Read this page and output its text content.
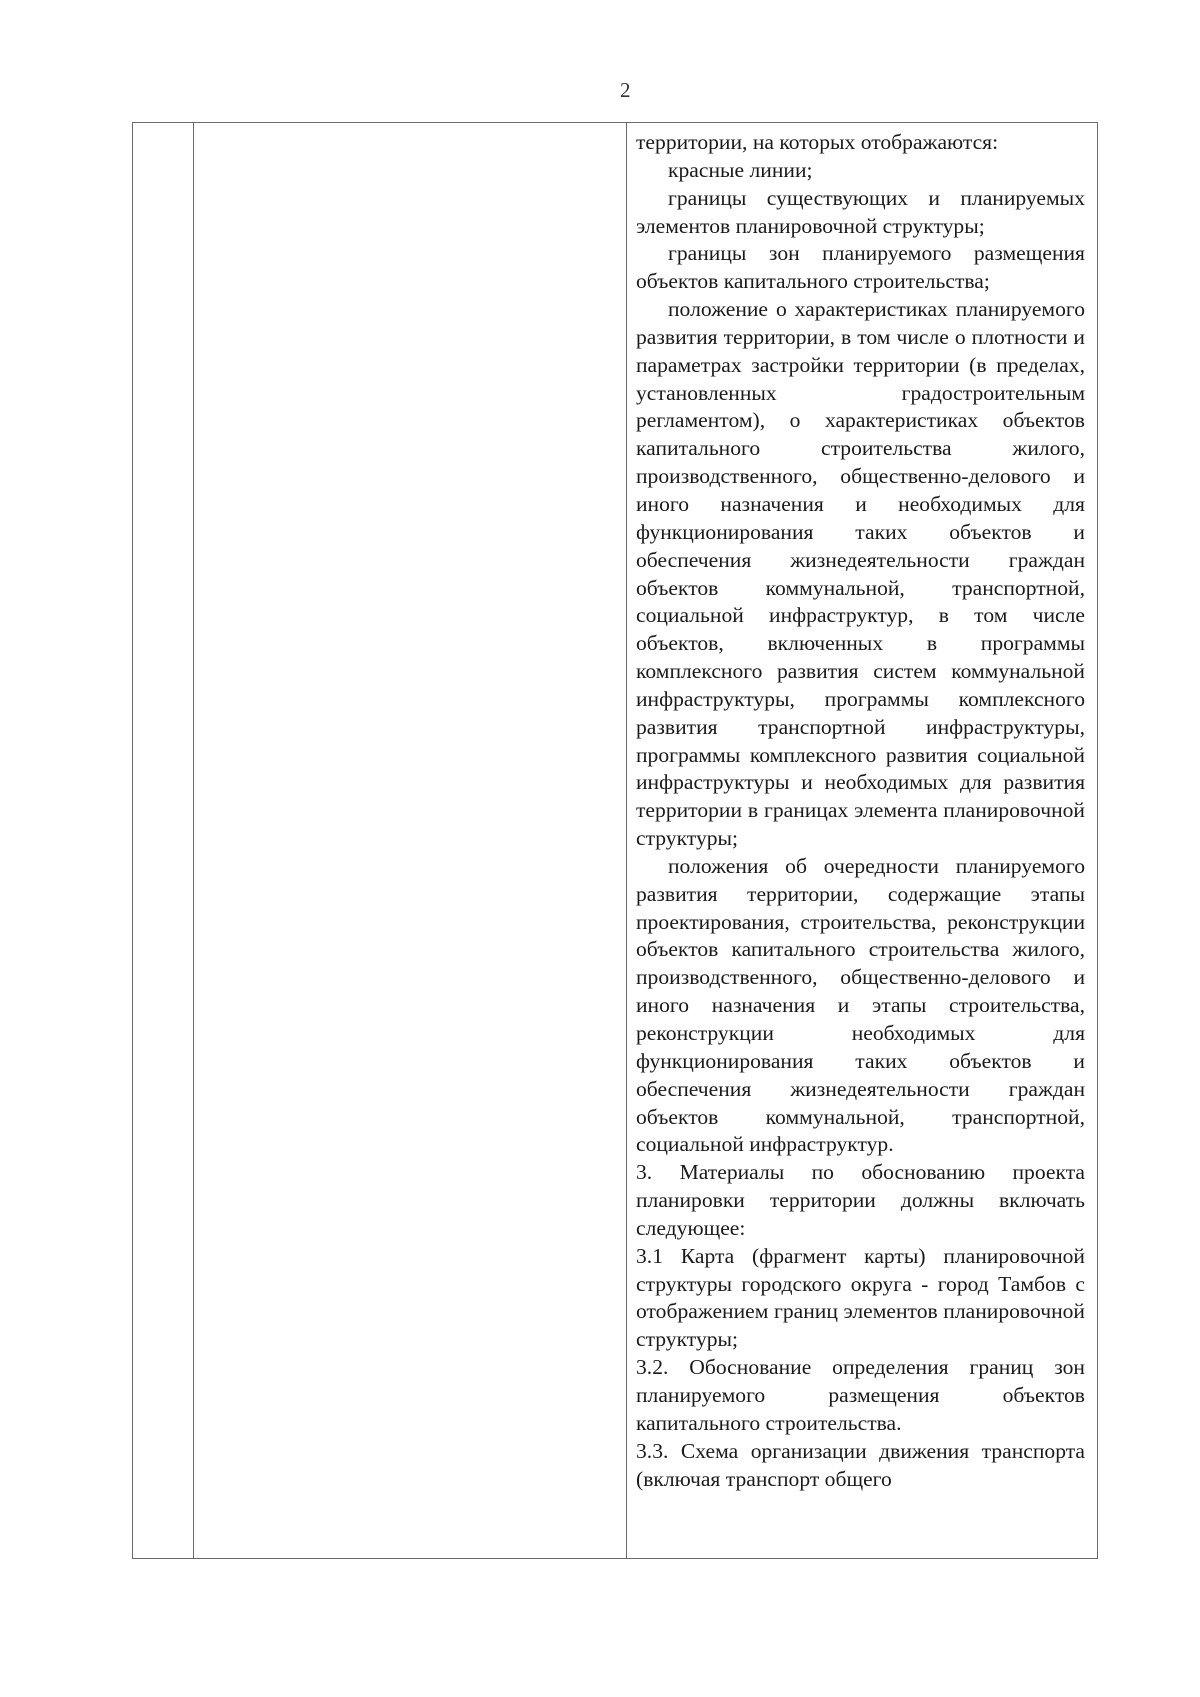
2

территории, на которых отображаются:

красные линии;

границы существующих и планируемых элементов планировочной структуры;

границы зон планируемого размещения объектов капитального строительства;

положение о характеристиках планируемого развития территории, в том числе о плотности и параметрах застройки территории (в пределах, установленных градостроительным регламентом), о характеристиках объектов капитального строительства жилого, производственного, общественно-делового и иного назначения и необходимых для функционирования таких объектов и обеспечения жизнедеятельности граждан объектов коммунальной, транспортной, социальной инфраструктур, в том числе объектов, включенных в программы комплексного развития систем коммунальной инфраструктуры, программы комплексного развития транспортной инфраструктуры, программы комплексного развития социальной инфраструктуры и необходимых для развития территории в границах элемента планировочной структуры;

положения об очередности планируемого развития территории, содержащие этапы проектирования, строительства, реконструкции объектов капитального строительства жилого, производственного, общественно-делового и иного назначения и этапы строительства, реконструкции необходимых для функционирования таких объектов и обеспечения жизнедеятельности граждан объектов коммунальной, транспортной, социальной инфраструктур.

3. Материалы по обоснованию проекта планировки территории должны включать следующее:

3.1 Карта (фрагмент карты) планировочной структуры городского округа - город Тамбов с отображением границ элементов планировочной структуры;

3.2. Обоснование определения границ зон планируемого размещения объектов капитального строительства.

3.3. Схема организации движения транспорта (включая транспорт общего
